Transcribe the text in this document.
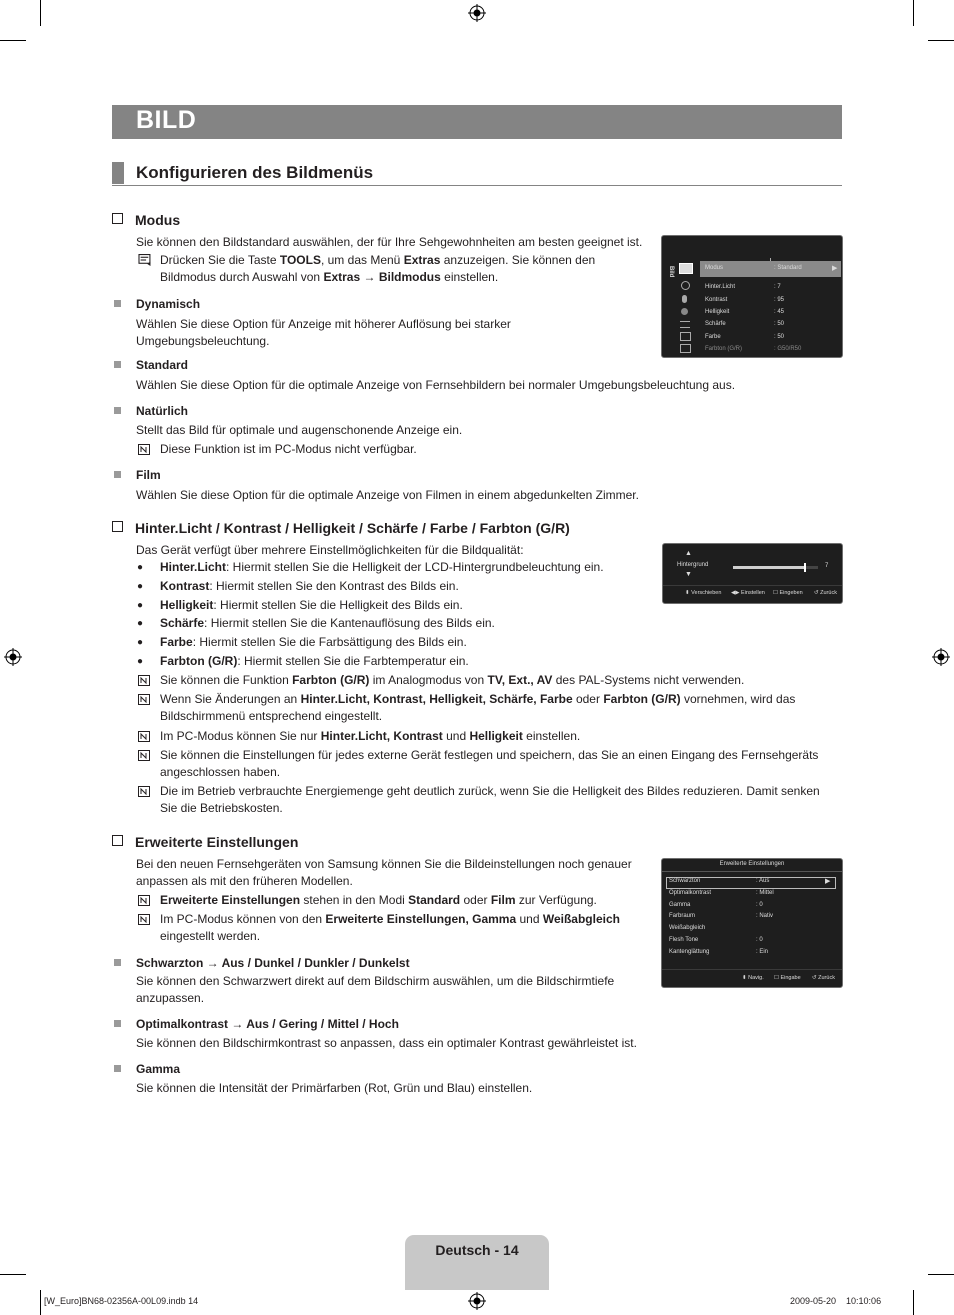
BILD
Konfigurieren des Bildmenüs
Modus
Sie können den Bildstandard auswählen, der für Ihre Sehgewohnheiten am besten geeignet ist.
Drücken Sie die Taste TOOLS, um das Menü Extras anzuzeigen. Sie können den
Bildmodus durch Auswahl von Extras → Bildmodus einstellen.
Dynamisch
Wählen Sie diese Option für Anzeige mit höherer Auflösung bei starker
Umgebungsbeleuchtung.
Standard
Wählen Sie diese Option für die optimale Anzeige von Fernsehbildern bei normaler Umgebungsbeleuchtung aus.
Natürlich
Stellt das Bild für optimale und augenschonende Anzeige ein.
Diese Funktion ist im PC-Modus nicht verfügbar.
Film
Wählen Sie diese Option für die optimale Anzeige von Filmen in einem abgedunkelten Zimmer.
Bild	Modus	: Standard	▶
Hinter.Licht	: 7
Kontrast	: 95
Helligkeit	: 45
Schärfe	: 50
Farbe	: 50
Farbton (G/R)	: G50/R50
Hinter.Licht / Kontrast / Helligkeit / Schärfe / Farbe / Farbton (G/R)
Das Gerät verfügt über mehrere Einstellmöglichkeiten für die Bildqualität:
● Hinter.Licht: Hiermit stellen Sie die Helligkeit der LCD-Hintergrundbeleuchtung ein.
● Kontrast: Hiermit stellen Sie den Kontrast des Bilds ein.
● Helligkeit: Hiermit stellen Sie die Helligkeit des Bilds ein.
● Schärfe: Hiermit stellen Sie die Kantenauflösung des Bilds ein.
● Farbe: Hiermit stellen Sie die Farbsättigung des Bilds ein.
● Farbton (G/R): Hiermit stellen Sie die Farbtemperatur ein.
Sie können die Funktion Farbton (G/R) im Analogmodus von TV, Ext., AV des PAL-Systems nicht verwenden.
Wenn Sie Änderungen an Hinter.Licht, Kontrast, Helligkeit, Schärfe, Farbe oder Farbton (G/R) vornehmen, wird das
Bildschirmmenü entsprechend eingestellt.
Im PC-Modus können Sie nur Hinter.Licht, Kontrast und Helligkeit einstellen.
Sie können die Einstellungen für jedes externe Gerät festlegen und speichern, das Sie an einen Eingang des Fernsehgeräts
angeschlossen haben.
Die im Betrieb verbrauchte Energiemenge geht deutlich zurück, wenn Sie die Helligkeit des Bildes reduzieren. Damit senken
Sie die Betriebskosten.
▲
Hintergrund
▼
7
⬍ Verschieben ◀▶ Einstellen ☐ Eingeben ↺ Zurück
Erweiterte Einstellungen
Bei den neuen Fernsehgeräten von Samsung können Sie die Bildeinstellungen noch genauer
anpassen als mit den früheren Modellen.
Erweiterte Einstellungen stehen in den Modi Standard oder Film zur Verfügung.
Im PC-Modus können von den Erweiterte Einstellungen, Gamma und Weißabgleich
eingestellt werden.
Schwarzton → Aus / Dunkel / Dunkler / Dunkelst
Sie können den Schwarzwert direkt auf dem Bildschirm auswählen, um die Bildschirmtiefe
anzupassen.
Optimalkontrast → Aus / Gering / Mittel / Hoch
Sie können den Bildschirmkontrast so anpassen, dass ein optimaler Kontrast gewährleistet ist.
Gamma
Sie können die Intensität der Primärfarben (Rot, Grün und Blau) einstellen.
Erweiterte Einstellungen
Schwarzton	: Aus	▶
Optimalkontrast	: Mittel
Gamma	: 0
Farbraum	: Nativ
Weißabgleich
Flesh Tone	: 0
Kantenglättung	: Ein
⬍ Navig. ☐ Eingabe ↺ Zurück
Deutsch - 14
[W_Euro]BN68-02356A-00L09.indb 14	2009-05-20    10:10:06
